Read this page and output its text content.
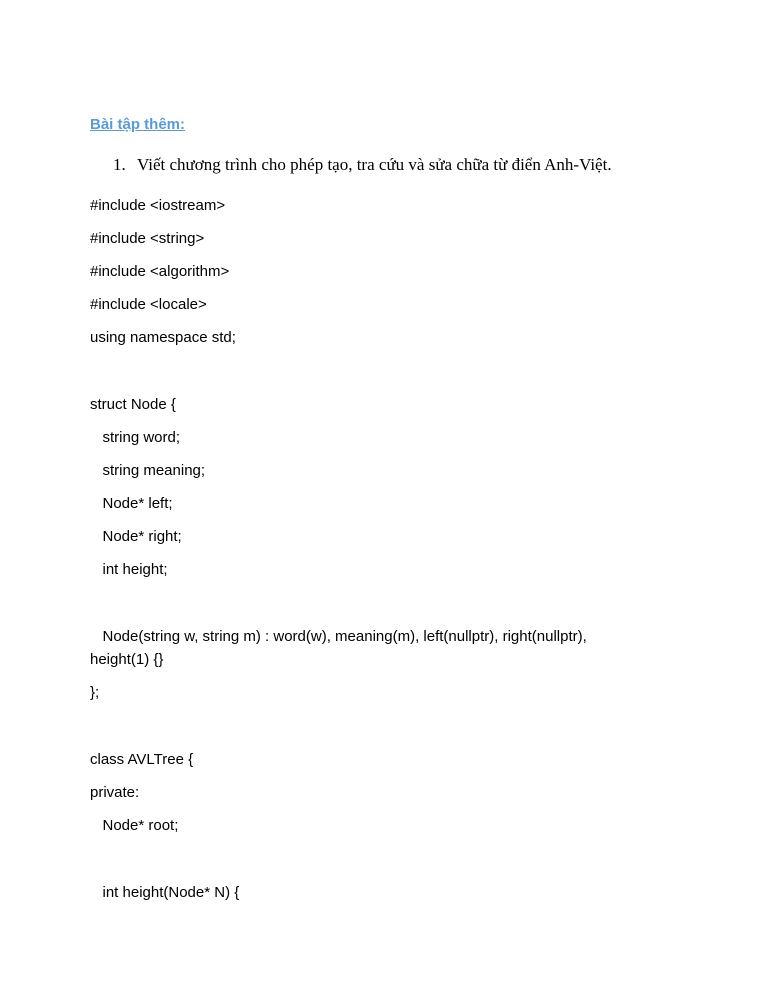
Bài tập thêm:
1. Viết chương trình cho phép tạo, tra cứu và sửa chữa từ điển Anh-Việt.
#include <iostream>
#include <string>
#include <algorithm>
#include <locale>
using namespace std;
struct Node {
string word;
string meaning;
Node* left;
Node* right;
int height;
Node(string w, string m) : word(w), meaning(m), left(nullptr), right(nullptr),
height(1) {}
};
class AVLTree {
private:
Node* root;
int height(Node* N) {
